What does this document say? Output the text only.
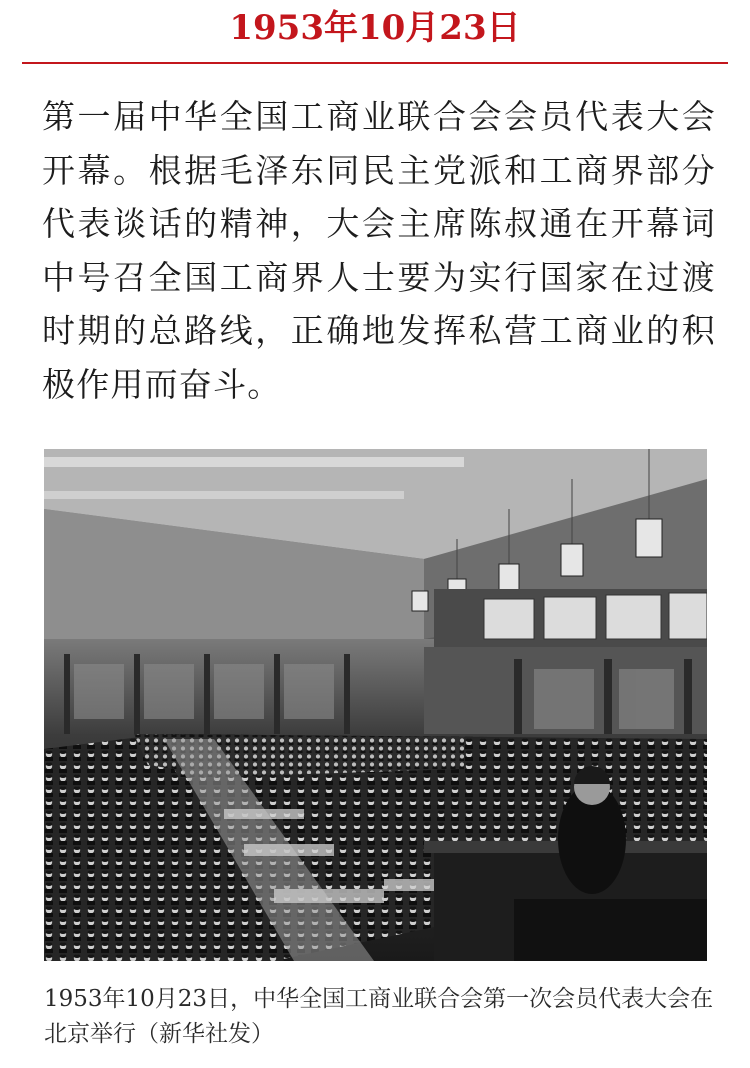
1953年10月23日
第一届中华全国工商业联合会会员代表大会开幕。根据毛泽东同民主党派和工商界部分代表谈话的精神，大会主席陈叔通在开幕词中号召全国工商界人士要为实行国家在过渡时期的总路线，正确地发挥私营工商业的积极作用而奋斗。
1953年10月23日，中华全国工商业联合会第一次会员代表大会在北京举行（新华社发）
